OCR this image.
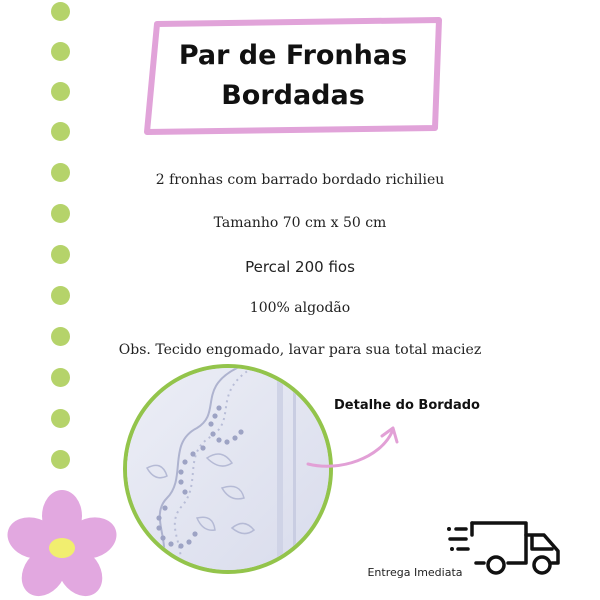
Par de Fronhas
Bordadas
2 fronhas com barrado bordado richilieu
Tamanho 70 cm x 50 cm
Percal 200 fios
100% algodão
Obs. Tecido engomado, lavar para sua total maciez
Detalhe do Bordado
Entrega Imediata
